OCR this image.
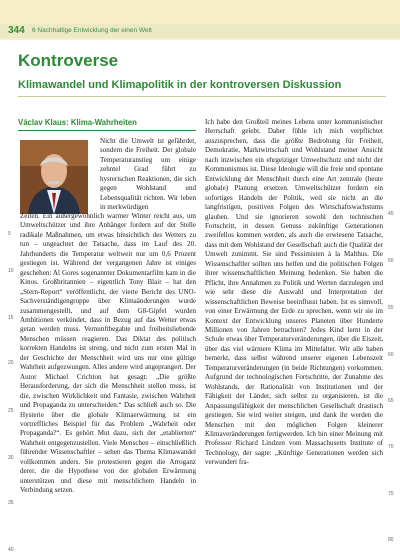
344 6 Nachhaltige Entwicklung der einen Welt
Kontroverse
Klimawandel und Klimapolitik in der kontroversen Diskussion
Václav Klaus: Klima-Wahrheiten

Nicht die Umwelt ist gefährdet, sondern die Freiheit. Der globale Temperaturanstieg um einige zehntel Grad führt zu hysterischen Reaktionen, die sich gegen Wohlstand und Lebensqualität richten. Wir leben in merkwürdigen

Zeiten. Ein außergewöhnlich warmer Winter reicht aus, um Umweltschützer und ihre Anhänger fordern auf der Stelle radikale Maßnahmen, um etwas hinsichtlich des Wetters zu tun – ungeachtet der Tatsache, dass im Lauf des 20. Jahrhunderts die Temperatur weltweit nur um 0,6 Prozent gestiegen ist. Während der vergangenen Jahre ist einiges geschehen: Al Gores sogenannter Dokumentarfilm kam in die Kinos. Großbritannien – eigentlich Tony Blair – hat den „Stern-Report“ veröffentlicht, der vierte Bericht des UNO-Sachverständigengruppe über Klimaänderungen wurde zusammengestellt, und auf dem G8-Gipfel wurden Ambitionen verkündet, dass in Bezug auf das Wetter etwas getan werden muss. Vernunftbegabte und freiheitsliebende Menschen müssen reagieren. Das Diktat des politisch korrekten Handelns ist streng, und nicht zum ersten Mal in der Geschichte der Menschheit wird uns nur eine gültige Wahrheit aufgezwungen. Alles andere wird angeprangert. Der Autor Michael Crichton hat gesagt: „Die größte Herausforderung, der sich die Menschheit stellen muss, ist die, zwischen Wirklichkeit und Fantasie, zwischen Wahrheit und Propaganda zu unterscheiden.“ Das schließ auch so. Die Hysterie über die globale Klimaerwärmung ist ein vortreffliches Beispiel für das Problem „Wahrheit oder Propaganda?“. Es gehört Mut dazu, sich der „etablierten“ Wahrheit entgegenzustellen. Viele Menschen – einschließlich führender Wissenschaftler – sehen das Thema Klimawandel vollkommen anders. Sie protestieren gegen die Arroganz derer, die die Hypothese von der globalen Erwärmung unterstützen und diese mit menschlichem Handeln in Verbindung setzen.

Ich habe den Großteil meines Lebens unter kommunistischer Herrschaft gelebt. Daher fühle ich mich verpflichtet auszusprechen, dass die größte Bedrohung für Freiheit, Demokratie, Marktwirtschaft und Wohlstand meiner Ansicht nach inzwischen ein ehrgeiziger Umweltschutz und nicht der Kommunismus ist. Diese Ideologie will die freie und spontane Entwicklung der Menschheit durch eine Art zentrale (heute globale) Planung ersetzen. Umweltschützer fordern ein sofortiges Handeln der Politik, weil sie nicht an die langfristigen, positiven Folgen des Wirtschaftswachstums glauben. Und sie ignorieren sowohl den technischen Fortschritt, in dessen Genuss zukünftige Generationen zweifellos kommen werden, als auch die erwiesene Tatsache, dass mit dem Wohlstand der Gesellschaft auch die Qualität der Umwelt zunimmt. Sie sind Pessimisten à la Malthus. Die Wissenschaftler sollten uns helfen und die politischen Folgen ihrer wissenschaftlichen Meinung bedenken. Sie haben die Pflicht, ihre Annahmen zu Politik und Werten darzulegen und wie sehr diese die Auswahl und Interpretation der wissenschaftlichen Beweise beeinflusst haben. Ist es sinnvoll, von einer Erwärmung der Erde zu sprechen, wenn wir sie im Kontext der Entwicklung unseres Planeten über Hunderte Millionen von Jahren betrachten? Jedes Kind lernt in der Schule etwas über Temperaturveränderungen, über die Eiszeit, über das viel wärmere Klima im Mittelalter. Wir alle haben bemerkt, dass selbst während unserer eigenen Lebenszeit Temperaturveränderungen (in beide Richtungen) vorkommen. Aufgrund der technologischen Fortschritte, der Zunahme des Wohlstands, der Rationalität von Institutionen und der Fähigkeit der Länder, sich selbst zu organisieren, ist die Anpassungsfähigkeit der menschlichen Gesellschaft drastisch gestiegen. Sie wird weiter steigen, und dank ihr werden die Menschen mit den möglichen Folgen kleinerer Klimaveränderungen fertigwerden. Ich bin einer Meinung mit Professor Richard Lindzen vom Massachusetts Institute of Technology, der sagte: „Künftige Generationen werden sich verwundert fra-

5
10
15
20
25
30
35
40
45
50
55
60
65
70
75
80
